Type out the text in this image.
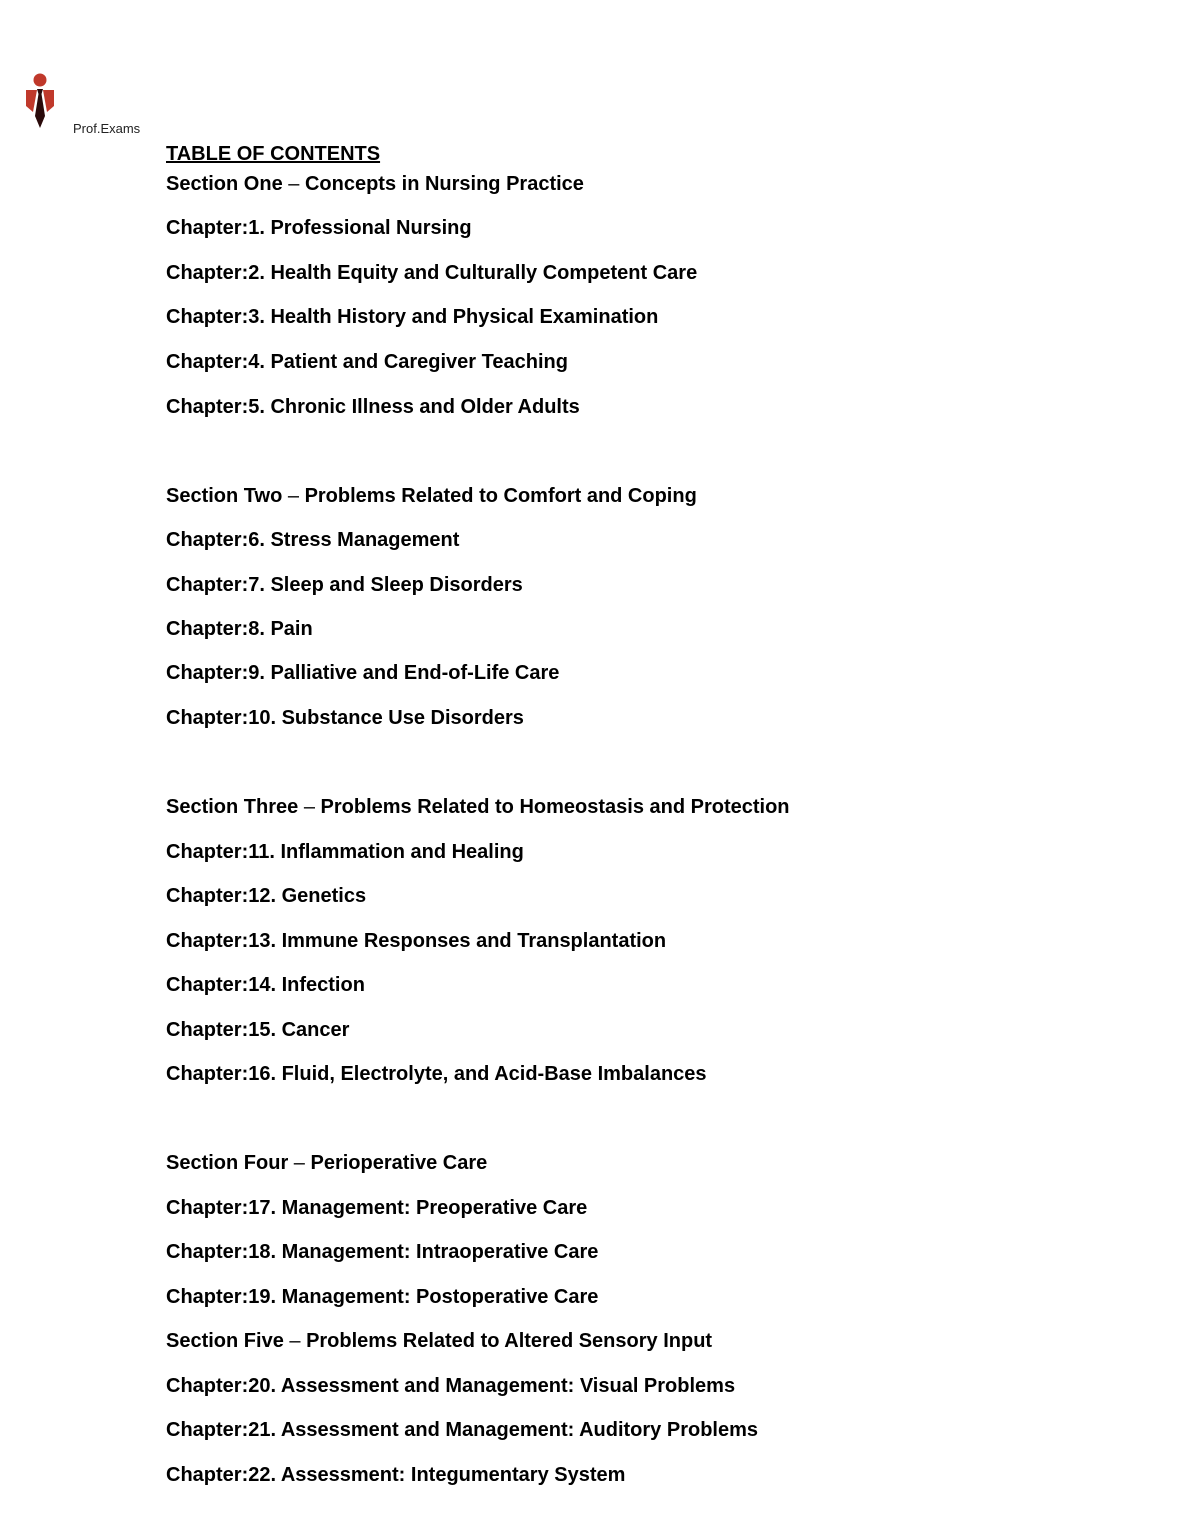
Prof.Exams
TABLE OF CONTENTS
Section One – Concepts in Nursing Practice
Chapter:1. Professional Nursing
Chapter:2. Health Equity and Culturally Competent Care
Chapter:3. Health History and Physical Examination
Chapter:4. Patient and Caregiver Teaching
Chapter:5. Chronic Illness and Older Adults
Section Two – Problems Related to Comfort and Coping
Chapter:6. Stress Management
Chapter:7. Sleep and Sleep Disorders
Chapter:8. Pain
Chapter:9. Palliative and End-of-Life Care
Chapter:10. Substance Use Disorders
Section Three – Problems Related to Homeostasis and Protection
Chapter:11. Inflammation and Healing
Chapter:12. Genetics
Chapter:13. Immune Responses and Transplantation
Chapter:14. Infection
Chapter:15. Cancer
Chapter:16. Fluid, Electrolyte, and Acid-Base Imbalances
Section Four – Perioperative Care
Chapter:17. Management: Preoperative Care
Chapter:18. Management: Intraoperative Care
Chapter:19. Management: Postoperative Care
Section Five – Problems Related to Altered Sensory Input
Chapter:20. Assessment and Management: Visual Problems
Chapter:21. Assessment and Management: Auditory Problems
Chapter:22. Assessment: Integumentary System
